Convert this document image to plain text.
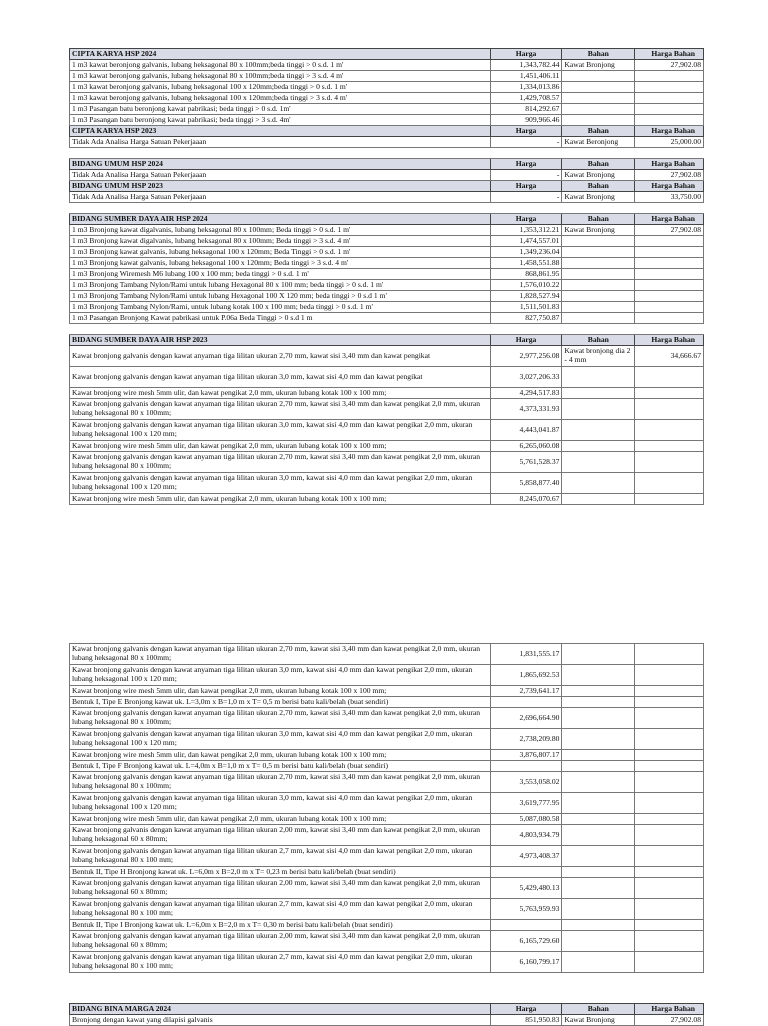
CIPTA KARYA HSP 2024	Harga	Bahan	Harga Bahan
1 m3 kawat beronjong galvanis, lubang heksagonal 80 x 100mm;beda tinggi > 0 s.d. 1 m'	1,343,782.44	Kawat Bronjong	27,902.08
1 m3 kawat beronjong galvanis, lubang heksagonal 80 x 100mm;beda tinggi > 3 s.d. 4 m'	1,451,406.11		
1 m3 kawat beronjong galvanis, lubang heksagonal 100 x 120mm;beda tinggi > 0 s.d. 1 m'	1,334,013.86		
1 m3 kawat beronjong galvanis, lubang heksagonal 100 x 120mm;beda tinggi > 3 s.d. 4 m'	1,429,708.57		
1 m3 Pasangan batu beronjong kawat pabrikasi; beda tinggi > 0 s.d. 1m'	814,292.67		
1 m3 Pasangan batu beronjong kawat pabrikasi; beda tinggi > 3 s.d. 4m'	909,966.46		
CIPTA KARYA HSP 2023	Harga	Bahan	Harga Bahan
Tidak Ada Analisa Harga Satuan Pekerjaaan	-	Kawat Beronjong	25,000.00

BIDANG UMUM HSP 2024	Harga	Bahan	Harga Bahan
Tidak Ada Analisa Harga Satuan Pekerjaaan	-	Kawat Bronjong	27,902.08
BIDANG UMUM HSP 2023	Harga	Bahan	Harga Bahan
Tidak Ada Analisa Harga Satuan Pekerjaaan	-	Kawat Bronjong	33,750.00

BIDANG SUMBER DAYA AIR HSP 2024	Harga	Bahan	Harga Bahan
1 m3 Bronjong kawat digalvanis, lubang heksagonal 80 x 100mm; Beda tinggi > 0 s.d. 1 m'	1,353,312.21	Kawat Bronjong	27,902.08
1 m3 Bronjong kawat digalvanis, lubang heksagonal 80 x 100mm; Beda tinggi > 3 s.d. 4 m'	1,474,557.01		
1 m3 Bronjong kawat galvanis, lubang heksagonal 100 x 120mm; Beda Tinggi > 0 s.d. 1 m'	1,349,236.04		
1 m3 Bronjong kawat galvanis, lubang heksagonal 100 x 120mm; Beda tinggi > 3 s.d. 4 m'	1,458,551.88		
1 m3 Bronjong Wiremesh M6 lubang 100 x 100 mm; beda tinggi > 0 s.d. 1 m'	868,861.95		
1 m3 Bronjong Tambang Nylon/Rami untuk lubang Hexagonal 80 x 100 mm; beda tinggi > 0 s.d. 1 m'	1,576,010.22		
1 m3 Bronjong Tambang Nylon/Rami untuk lubang Hexagonal 100 X 120 mm; beda tinggi > 0 s.d 1 m'	1,828,527.94		
1 m3 Bronjong Tambang Nylon/Rami, untuk lubang kotak 100 x 100 mm; beda tinggi > 0 s.d. 1 m'	1,511,501.83		
1 m3 Pasangan Bronjong Kawat pabrikasi untuk P.06a Beda Tinggi > 0 s.d 1 m	827,750.87		

BIDANG SUMBER DAYA AIR HSP 2023	Harga	Bahan	Harga Bahan
Kawat bronjong galvanis dengan kawat anyaman tiga lilitan ukuran 2,70 mm, kawat sisi 3,40 mm dan kawat pengikat	2,977,256.08	Kawat bronjong dia 2 - 4 mm	34,666.67
Kawat bronjong galvanis dengan kawat anyaman tiga lilitan ukuran 3,0 mm, kawat sisi 4,0 mm dan kawat pengikat	3,027,206.33		
Kawat bronjong wire mesh 5mm ulir, dan kawat pengikat 2,0 mm, ukuran lubang kotak 100 x 100 mm;	4,294,517.83		
Kawat bronjong galvanis dengan kawat anyaman tiga lilitan ukuran 2,70 mm, kawat sisi 3,40 mm dan kawat pengikat 2,0 mm, ukuran lubang heksagonal 80 x 100mm;	4,373,331.93		
Kawat bronjong galvanis dengan kawat anyaman tiga lilitan ukuran 3,0 mm, kawat sisi 4,0 mm dan kawat pengikat 2,0 mm, ukuran lubang heksagonal 100 x 120 mm;	4,443,041.87		
Kawat bronjong wire mesh 5mm ulir, dan kawat pengikat 2,0 mm, ukuran lubang kotak 100 x 100 mm;	6,265,060.08		
Kawat bronjong galvanis dengan kawat anyaman tiga lilitan ukuran 2,70 mm, kawat sisi 3,40 mm dan kawat pengikat 2,0 mm, ukuran lubang heksagonal 80 x 100mm;	5,761,528.37		
Kawat bronjong galvanis dengan kawat anyaman tiga lilitan ukuran 3,0 mm, kawat sisi 4,0 mm dan kawat pengikat 2,0 mm, ukuran lubang heksagonal 100 x 120 mm;	5,858,877.40		
Kawat bronjong wire mesh 5mm ulir, dan kawat pengikat 2,0 mm, ukuran lubang kotak 100 x 100 mm;	8,245,070.67		
Kawat bronjong galvanis dengan kawat anyaman tiga lilitan ukuran 2,70 mm, kawat sisi 3,40 mm dan kawat pengikat 2,0 mm, ukuran lubang heksagonal 80 x 100mm;	1,831,555.17		
Kawat bronjong galvanis dengan kawat anyaman tiga lilitan ukuran 3,0 mm, kawat sisi 4,0 mm dan kawat pengikat 2,0 mm, ukuran lubang heksagonal 100 x 120 mm;	1,865,692.53		
Kawat bronjong wire mesh 5mm ulir, dan kawat pengikat 2,0 mm, ukuran lubang kotak 100 x 100 mm;	2,739,641.17		
Bentuk I, Tipe E Bronjong kawat uk. L=3,0m x B=1,0 m x T= 0,5 m berisi batu kali/belah (buat sendiri)			
Kawat bronjong galvanis dengan kawat anyaman tiga lilitan ukuran 2,70 mm, kawat sisi 3,40 mm dan kawat pengikat 2,0 mm, ukuran lubang heksagonal 80 x 100mm;	2,696,664.90		
Kawat bronjong galvanis dengan kawat anyaman tiga lilitan ukuran 3,0 mm, kawat sisi 4,0 mm dan kawat pengikat 2,0 mm, ukuran lubang heksagonal 100 x 120 mm;	2,738,209.80		
Kawat bronjong wire mesh 5mm ulir, dan kawat pengikat 2,0 mm, ukuran lubang kotak 100 x 100 mm;	3,876,807.17		
Bentuk I, Tipe F Bronjong kawat uk. L=4,0m x B=1,0 m x T= 0,5 m berisi batu kali/belah (buat sendiri)			
Kawat bronjong galvanis dengan kawat anyaman tiga lilitan ukuran 2,70 mm, kawat sisi 3,40 mm dan kawat pengikat 2,0 mm, ukuran lubang heksagonal 80 x 100mm;	3,553,058.02		
Kawat bronjong galvanis dengan kawat anyaman tiga lilitan ukuran 3,0 mm, kawat sisi 4,0 mm dan kawat pengikat 2,0 mm, ukuran lubang heksagonal 100 x 120 mm;	3,619,777.95		
Kawat bronjong wire mesh 5mm ulir, dan kawat pengikat 2,0 mm, ukuran lubang kotak 100 x 100 mm;	5,087,080.58		
Kawat bronjong galvanis dengan kawat anyaman tiga lilitan ukuran 2,00 mm, kawat sisi 3,40 mm dan kawat pengikat 2,0 mm, ukuran lubang heksagonal 60 x 80mm;	4,803,934.79		
Kawat bronjong galvanis dengan kawat anyaman tiga lilitan ukuran 2,7 mm, kawat sisi 4,0 mm dan kawat pengikat 2,0 mm, ukuran lubang heksagonal 80 x 100 mm;	4,973,408.37		
Bentuk II, Tipe H Bronjong kawat uk. L=6,0m x B=2,0 m x T= 0,23 m berisi batu kali/belah (buat sendiri)			
Kawat bronjong galvanis dengan kawat anyaman tiga lilitan ukuran 2,00 mm, kawat sisi 3,40 mm dan kawat pengikat 2,0 mm, ukuran lubang heksagonal 60 x 80mm;	5,429,480.13		
Kawat bronjong galvanis dengan kawat anyaman tiga lilitan ukuran 2,7 mm, kawat sisi 4,0 mm dan kawat pengikat 2,0 mm, ukuran lubang heksagonal 80 x 100 mm;	5,763,959.93		
Bentuk II, Tipe I Bronjong kawat uk. L=6,0m x B=2,0 m x T= 0,30 m berisi batu kali/belah (buat sendiri)			
Kawat bronjong galvanis dengan kawat anyaman tiga lilitan ukuran 2,00 mm, kawat sisi 3,40 mm dan kawat pengikat 2,0 mm, ukuran lubang heksagonal 60 x 80mm;	6,165,729.60		
Kawat bronjong galvanis dengan kawat anyaman tiga lilitan ukuran 2,7 mm, kawat sisi 4,0 mm dan kawat pengikat 2,0 mm, ukuran lubang heksagonal 80 x 100 mm;	6,160,799.17		
BIDANG BINA MARGA 2024	Harga	Bahan	Harga Bahan
Bronjong dengan kawat yang dilapisi galvanis	851,950.83	Kawat Bronjong	27,902.08
